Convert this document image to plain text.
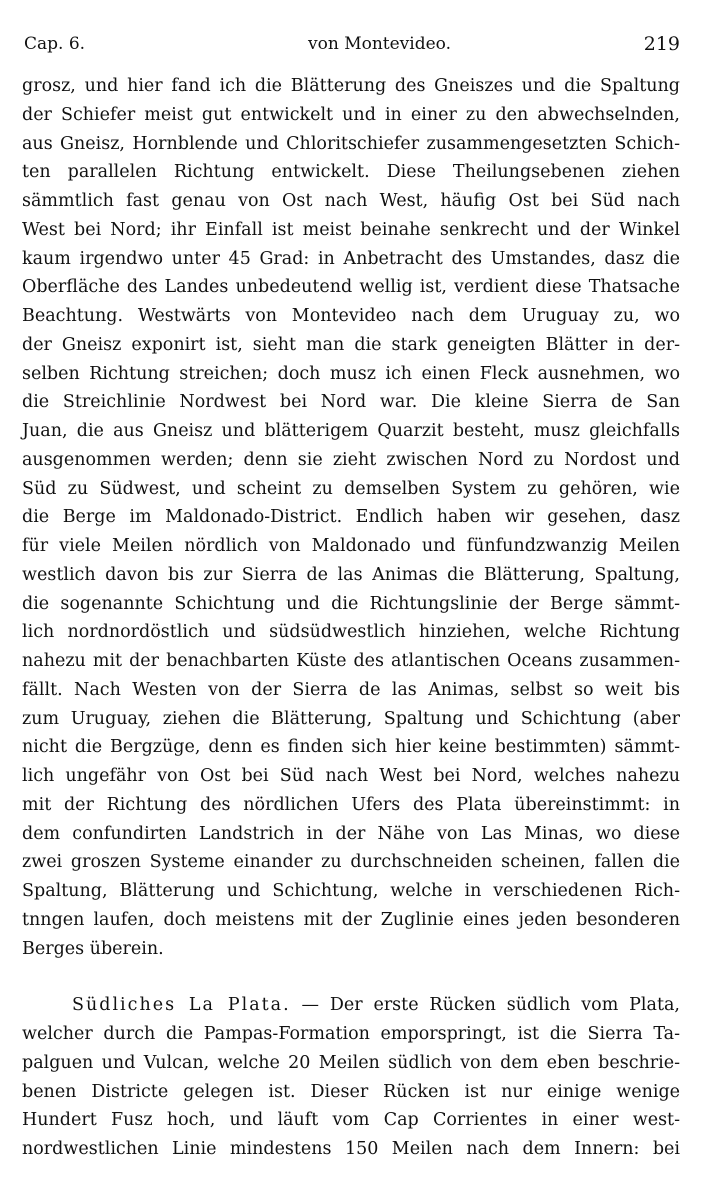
Cap. 6.	von Montevideo.	219
grosz, und hier fand ich die Blätterung des Gneiszes und die Spaltung
der Schiefer meist gut entwickelt und in einer zu den abwechselnden,
aus Gneisz, Hornblende und Chloritschiefer zusammengesetzten Schich-
ten parallelen Richtung entwickelt. Diese Theilungsebenen ziehen
sämmtlich fast genau von Ost nach West, häufig Ost bei Süd nach
West bei Nord; ihr Einfall ist meist beinahe senkrecht und der Winkel
kaum irgendwo unter 45 Grad: in Anbetracht des Umstandes, dasz die
Oberfläche des Landes unbedeutend wellig ist, verdient diese Thatsache
Beachtung. Westwärts von Montevideo nach dem Uruguay zu, wo
der Gneisz exponirt ist, sieht man die stark geneigten Blätter in der-
selben Richtung streichen; doch musz ich einen Fleck ausnehmen, wo
die Streichlinie Nordwest bei Nord war. Die kleine Sierra de San
Juan, die aus Gneisz und blätterigem Quarzit besteht, musz gleichfalls
ausgenommen werden; denn sie zieht zwischen Nord zu Nordost und
Süd zu Südwest, und scheint zu demselben System zu gehören, wie
die Berge im Maldonado-District. Endlich haben wir gesehen, dasz
für viele Meilen nördlich von Maldonado und fünfundzwanzig Meilen
westlich davon bis zur Sierra de las Animas die Blätterung, Spaltung,
die sogenannte Schichtung und die Richtungslinie der Berge sämmt-
lich nordnordöstlich und südsüdwestlich hinziehen, welche Richtung
nahezu mit der benachbarten Küste des atlantischen Oceans zusammen-
fällt. Nach Westen von der Sierra de las Animas, selbst so weit bis
zum Uruguay, ziehen die Blätterung, Spaltung und Schichtung (aber
nicht die Bergzüge, denn es finden sich hier keine bestimmten) sämmt-
lich ungefähr von Ost bei Süd nach West bei Nord, welches nahezu
mit der Richtung des nördlichen Ufers des Plata übereinstimmt: in
dem confundirten Landstrich in der Nähe von Las Minas, wo diese
zwei groszen Systeme einander zu durchschneiden scheinen, fallen die
Spaltung, Blätterung und Schichtung, welche in verschiedenen Rich-
tnngen laufen, doch meistens mit der Zuglinie eines jeden besonderen
Berges überein.
Südliches La Plata. — Der erste Rücken südlich vom Plata,
welcher durch die Pampas-Formation emporspringt, ist die Sierra Ta-
palguen und Vulcan, welche 20 Meilen südlich von dem eben beschrie-
benen Districte gelegen ist. Dieser Rücken ist nur einige wenige
Hundert Fusz hoch, und läuft vom Cap Corrientes in einer west-
nordwestlichen Linie mindestens 150 Meilen nach dem Innern: bei
